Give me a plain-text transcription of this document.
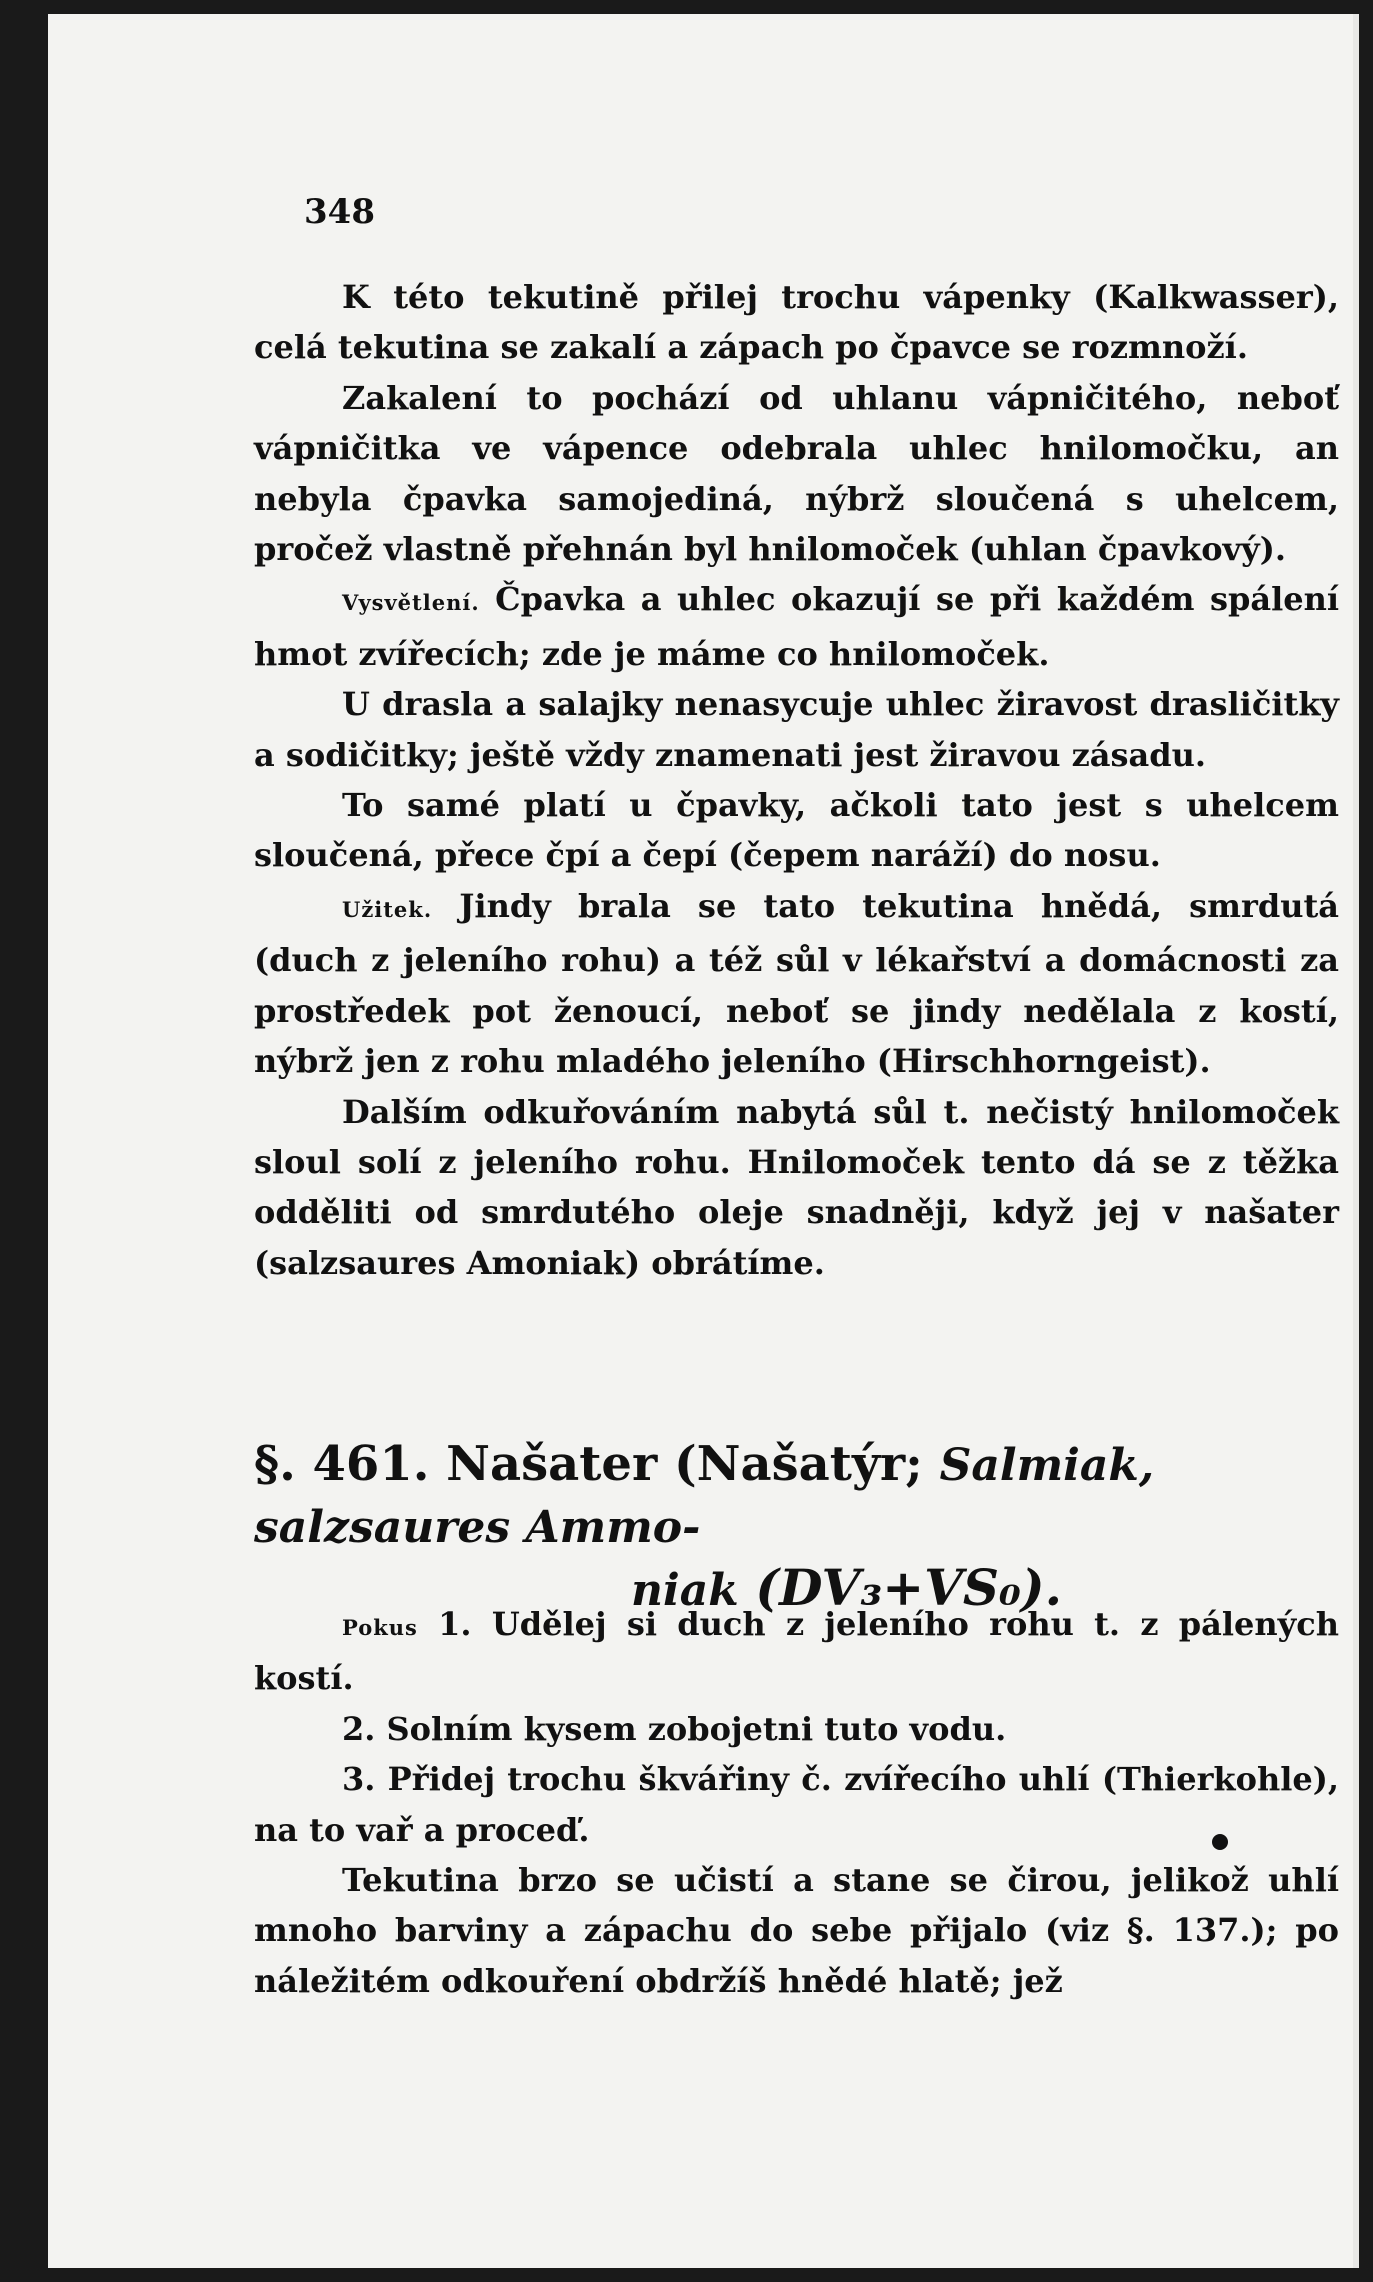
348

K této tekutině přilej trochu vápenky (Kalkwasser), celá tekutina se zakalí a zápach po čpavce se rozmnoží.

Zakalení to pochází od uhlanu vápničitého, neboť vápničitka ve vápence odebrala uhlec hnilomočku, an nebyla čpavka samojediná, nýbrž sloučená s uhelcem, pročež vlastně přehnán byl hnilomoček (uhlan čpavkový).

Vysvětlení. Čpavka a uhlec okazují se při každém spálení hmot zvířecích; zde je máme co hnilomoček.

U drasla a salajky nenasycuje uhlec žiravost drasličitky a sodičitky; ještě vždy znamenati jest žiravou zásadu.

To samé platí u čpavky, ačkoli tato jest s uhelcem sloučená, přece čpí a čepí (čepem naráží) do nosu.

Užitek. Jindy brala se tato tekutina hnědá, smrdutá (duch z jeleního rohu) a též sůl v lékařství a domácnosti za prostředek pot ženoucí, neboť se jindy nedělala z kostí, nýbrž jen z rohu mladého jeleního (Hirschhorngeist).

Dalším odkuřováním nabytá sůl t. nečistý hnilomoček sloul solí z jeleního rohu. Hnilomoček tento dá se z těžka odděliti od smrdutého oleje snadněji, když jej v našater (salzsaures Amoniak) obrátíme.

§. 461. Našater (Našatýr; Salmiak, salzsaures Ammo-
niak (DV₃+VS₀).

Pokus 1. Udělej si duch z jeleního rohu t. z pálených kostí.

2. Solním kysem zobojetni tuto vodu.

3. Přidej trochu škvářiny č. zvířecího uhlí (Thierkohle), na to vař a proceď.

Tekutina brzo se učistí a stane se čirou, jelikož uhlí mnoho barviny a zápachu do sebe přijalo (viz §. 137.); po náležitém odkouření obdržíš hnědé hlatě; jež
